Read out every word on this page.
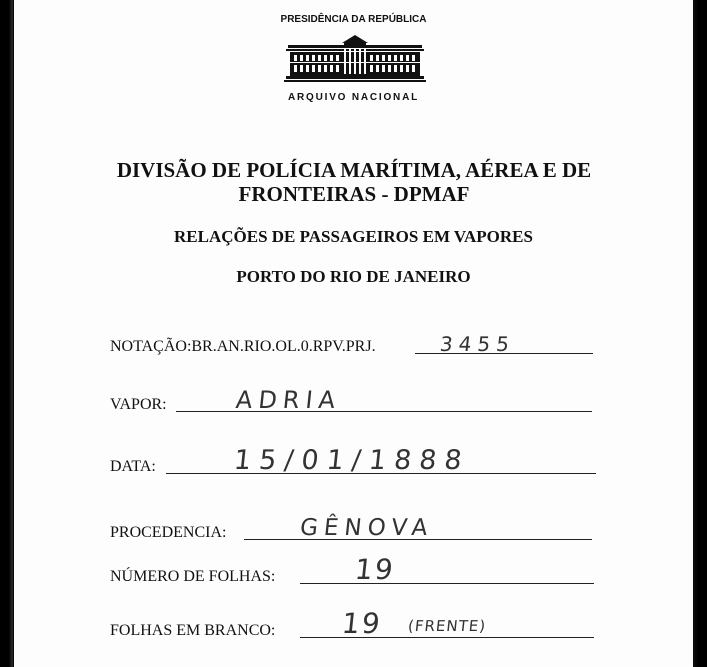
PRESIDÊNCIA DA REPÚBLICA
ARQUIVO NACIONAL
DIVISÃO DE POLÍCIA MARÍTIMA, AÉREA E DE
FRONTEIRAS - DPMAF
RELAÇÕES DE PASSAGEIROS EM VAPORES
PORTO DO RIO DE JANEIRO
NOTAÇÃO:BR.AN.RIO.OL.0.RPV.PRJ.	3455
VAPOR:	ADRIA
DATA:	15/01/1888
PROCEDENCIA:	GÊNOVA
NÚMERO DE FOLHAS:	19
FOLHAS EM BRANCO: 19 (FRENTE)
